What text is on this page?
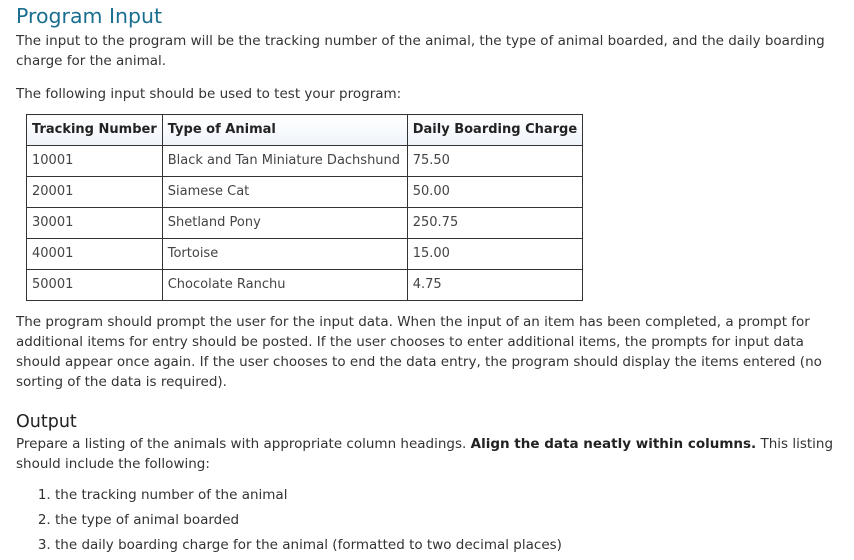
Program Input

The input to the program will be the tracking number of the animal, the type of animal boarded, and the daily boarding charge for the animal.

The following input should be used to test your program:

Tracking Number	Type of Animal	Daily Boarding Charge
10001	Black and Tan Miniature Dachshund	75.50
20001	Siamese Cat	50.00
30001	Shetland Pony	250.75
40001	Tortoise	15.00
50001	Chocolate Ranchu	4.75

The program should prompt the user for the input data. When the input of an item has been completed, a prompt for additional items for entry should be posted. If the user chooses to enter additional items, the prompts for input data should appear once again. If the user chooses to end the data entry, the program should display the items entered (no sorting of the data is required).

Output

Prepare a listing of the animals with appropriate column headings. Align the data neatly within columns. This listing should include the following:

1. the tracking number of the animal
2. the type of animal boarded
3. the daily boarding charge for the animal (formatted to two decimal places)
